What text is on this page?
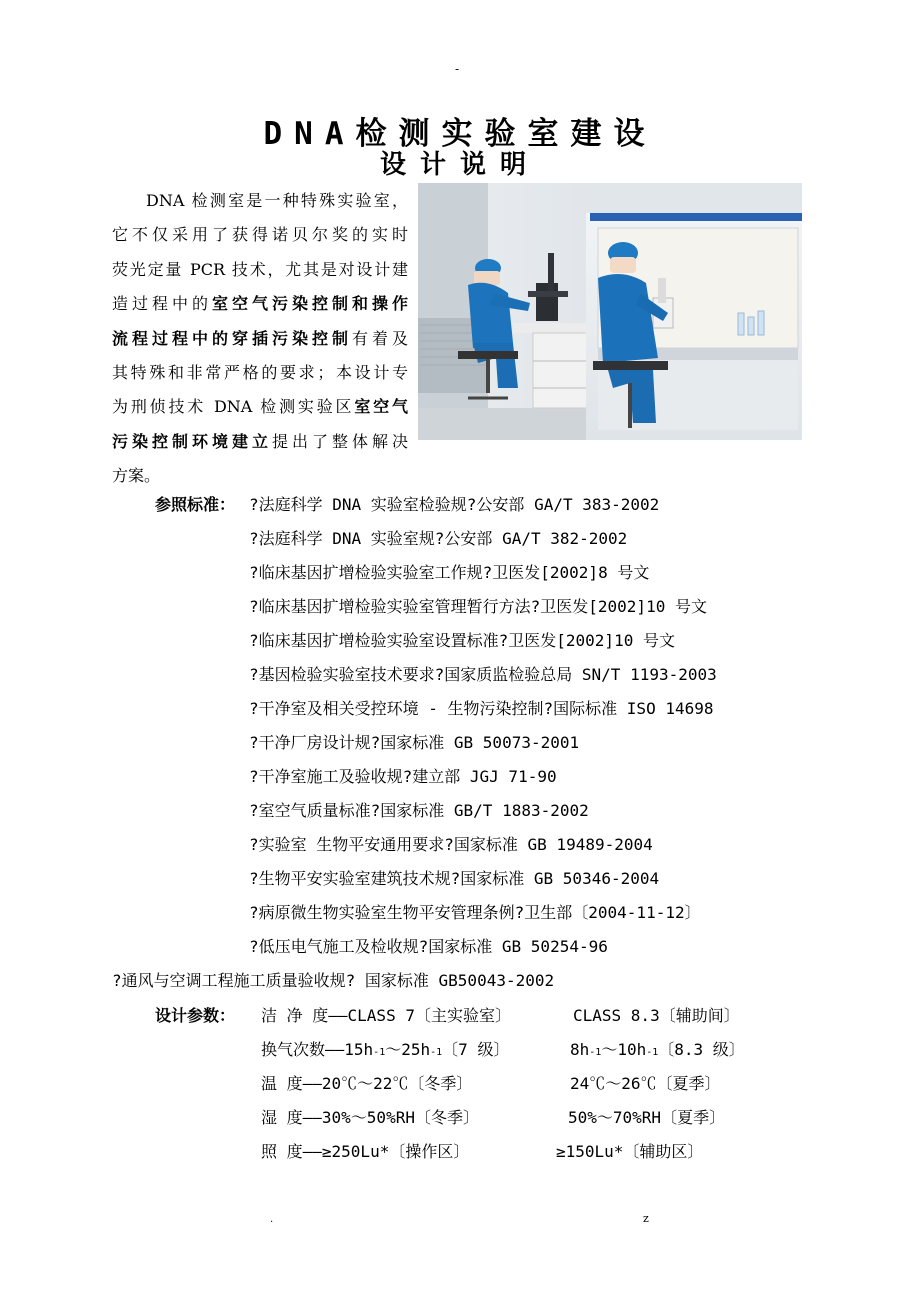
-
DNA检测实验室建设
设计说明
DNA 检测室是一种特殊实验室，
它不仅采用了获得诺贝尔奖的实时
荧光定量 PCR 技术，尤其是对设计建
造过程中的室空气污染控制和操作
流程过程中的穿插污染控制有着及
其特殊和非常严格的要求；本设计专
为刑侦技术 DNA 检测实验区室空气
污染控制环境建立提出了整体解决
方案。
参照标准： ?法庭科学 DNA 实验室检验规?公安部 GA/T 383-2002
?法庭科学 DNA 实验室规?公安部 GA/T 382-2002
?临床基因扩增检验实验室工作规?卫医发[2002]8 号文
?临床基因扩增检验实验室管理暂行方法?卫医发[2002]10 号文
?临床基因扩增检验实验室设置标准?卫医发[2002]10 号文
?基因检验实验室技术要求?国家质监检验总局 SN/T 1193-2003
?干净室及相关受控环境 - 生物污染控制?国际标准 ISO 14698
?干净厂房设计规?国家标准 GB 50073-2001
?干净室施工及验收规?建立部 JGJ 71-90
?室空气质量标准?国家标准 GB/T 1883-2002
?实验室 生物平安通用要求?国家标准 GB 19489-2004
?生物平安实验室建筑技术规?国家标准 GB 50346-2004
?病原微生物实验室生物平安管理条例?卫生部〔2004-11-12〕
?低压电气施工及检收规?国家标准 GB 50254-96
?通风与空调工程施工质量验收规? 国家标准 GB50043-2002
设计参数： 洁 净 度——CLASS 7〔主实验室〕	CLASS 8.3〔辅助间〕
换气次数——15h-1～25h-1〔7 级〕	8h-1～10h-1〔8.3 级〕
温 度——20℃～22℃〔冬季〕	24℃～26℃〔夏季〕
湿 度——30%～50%RH〔冬季〕	50%～70%RH〔夏季〕
照 度——≥250Lu*〔操作区〕	≥150Lu*〔辅助区〕
.	z
